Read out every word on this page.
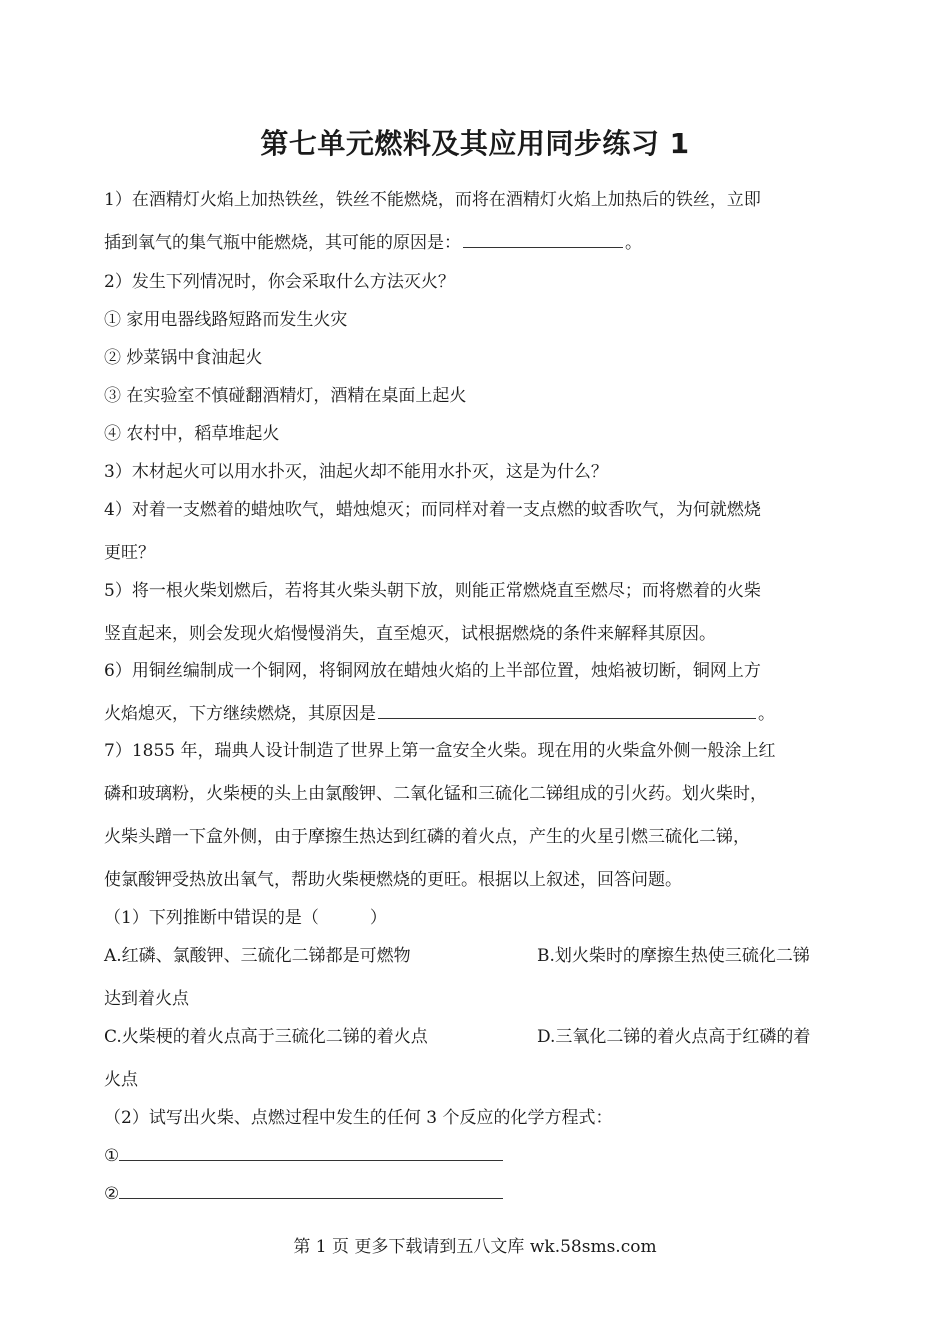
第七单元燃料及其应用同步练习 1
1）在酒精灯火焰上加热铁丝，铁丝不能燃烧，而将在酒精灯火焰上加热后的铁丝，立即
插到氧气的集气瓶中能燃烧，其可能的原因是：	。
2）发生下列情况时，你会采取什么方法灭火？
① 家用电器线路短路而发生火灾
② 炒菜锅中食油起火
③ 在实验室不慎碰翻酒精灯，酒精在桌面上起火
④ 农村中，稻草堆起火
3）木材起火可以用水扑灭，油起火却不能用水扑灭，这是为什么？
4）对着一支燃着的蜡烛吹气，蜡烛熄灭；而同样对着一支点燃的蚊香吹气，为何就燃烧
更旺？
5）将一根火柴划燃后，若将其火柴头朝下放，则能正常燃烧直至燃尽；而将燃着的火柴
竖直起来，则会发现火焰慢慢消失，直至熄灭，试根据燃烧的条件来解释其原因。
6）用铜丝编制成一个铜网，将铜网放在蜡烛火焰的上半部位置，烛焰被切断，铜网上方
火焰熄灭，下方继续燃烧，其原因是	。
7）1855 年，瑞典人设计制造了世界上第一盒安全火柴。现在用的火柴盒外侧一般涂上红
磷和玻璃粉，火柴梗的头上由氯酸钾、二氧化锰和三硫化二锑组成的引火药。划火柴时，
火柴头蹭一下盒外侧，由于摩擦生热达到红磷的着火点，产生的火星引燃三硫化二锑，
使氯酸钾受热放出氧气，帮助火柴梗燃烧的更旺。根据以上叙述，回答问题。
（1）下列推断中错误的是（　　　）
A.红磷、氯酸钾、三硫化二锑都是可燃物	B.划火柴时的摩擦生热使三硫化二锑
达到着火点
C.火柴梗的着火点高于三硫化二锑的着火点	D.三氧化二锑的着火点高于红磷的着
火点
（2）试写出火柴、点燃过程中发生的任何 3 个反应的化学方程式：
①
②
第 1 页 更多下载请到五八文库 wk.58sms.com
